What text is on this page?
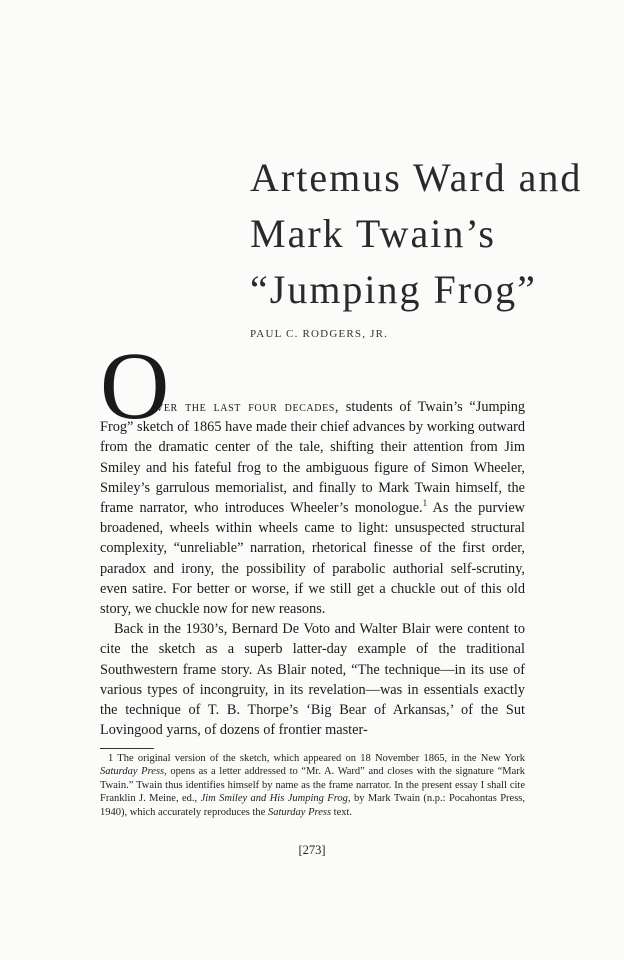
Artemus Ward and
Mark Twain’s
“Jumping Frog”
PAUL C. RODGERS, JR.
O

ver the last four decades, students of Twain’s “Jumping Frog” sketch of 1865 have made their chief advances by working outward from the dramatic center of the tale, shifting their attention from Jim Smiley and his fateful frog to the ambiguous figure of Simon Wheeler, Smiley’s garrulous memorialist, and finally to Mark Twain himself, the frame narrator, who introduces Wheeler’s monologue.$^1$ As the purview broadened, wheels within wheels came to light: unsuspected structural complexity, “unreliable” narration, rhetorical finesse of the first order, paradox and irony, the possibility of parabolic authorial self-scrutiny, even satire. For better or worse, if we still get a chuckle out of this old story, we chuckle now for new reasons.

Back in the 1930’s, Bernard De Voto and Walter Blair were content to cite the sketch as a superb latter-day example of the traditional Southwestern frame story. As Blair noted, “The technique—in its use of various types of incongruity, in its revelation—was in essentials exactly the technique of T. B. Thorpe’s ‘Big Bear of Arkansas,’ of the Sut Lovingood yarns, of dozens of frontier master-

1 The original version of the sketch, which appeared on 18 November 1865, in the New York Saturday Press, opens as a letter addressed to “Mr. A. Ward” and closes with the signature “Mark Twain.” Twain thus identifies himself by name as the frame narrator. In the present essay I shall cite Franklin J. Meine, ed., Jim Smiley and His Jumping Frog, by Mark Twain (n.p.: Pocahontas Press, 1940), which accurately reproduces the Saturday Press text.
[273]
